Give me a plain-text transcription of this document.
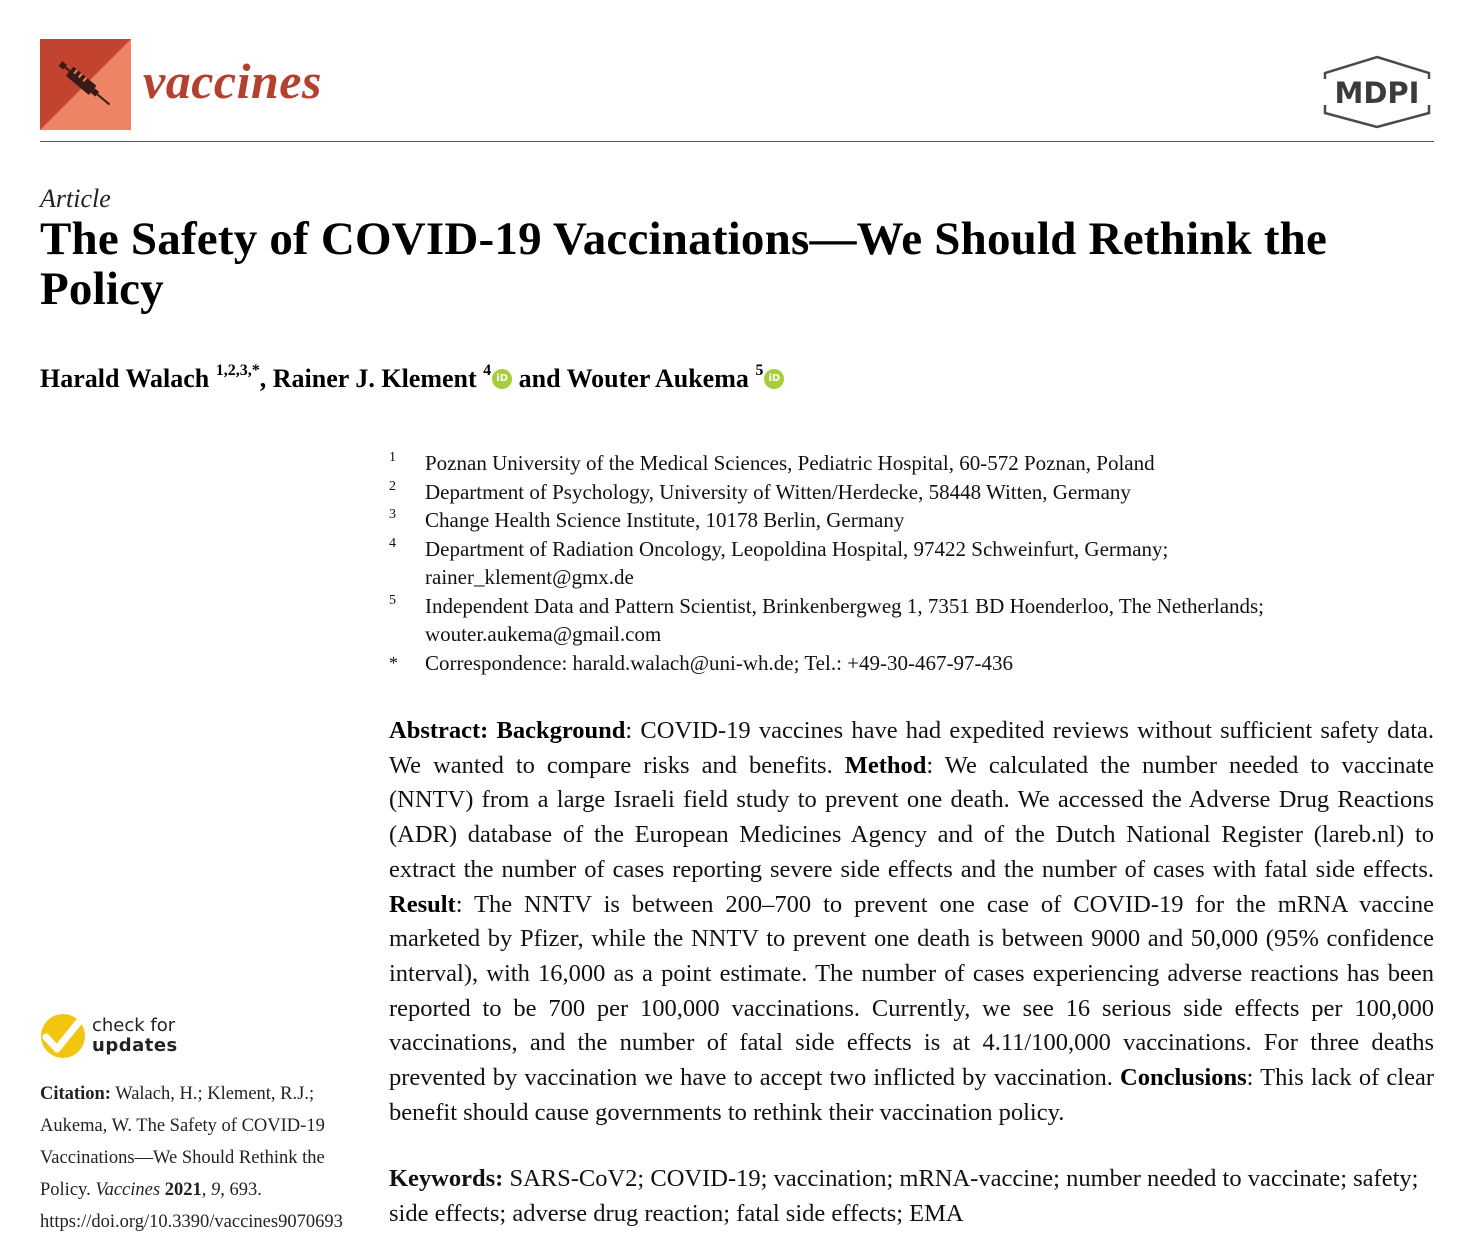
vaccines	MDPI
Article
The Safety of COVID-19 Vaccinations—We Should Rethink the Policy
Harald Walach $^{1,2,3,*}$, Rainer J. Klement $^4$ iD and Wouter Aukema $^5$ iD
1	Poznan University of the Medical Sciences, Pediatric Hospital, 60-572 Poznan, Poland
2	Department of Psychology, University of Witten/Herdecke, 58448 Witten, Germany
3	Change Health Science Institute, 10178 Berlin, Germany
4	Department of Radiation Oncology, Leopoldina Hospital, 97422 Schweinfurt, Germany;
rainer_klement@gmx.de
5	Independent Data and Pattern Scientist, Brinkenbergweg 1, 7351 BD Hoenderloo, The Netherlands;
wouter.aukema@gmail.com
*	Correspondence: harald.walach@uni-wh.de; Tel.: +49-30-467-97-436
Abstract: Background: COVID-19 vaccines have had expedited reviews without sufficient safety data. We wanted to compare risks and benefits. Method: We calculated the number needed to vaccinate (NNTV) from a large Israeli field study to prevent one death. We accessed the Adverse Drug Reactions (ADR) database of the European Medicines Agency and of the Dutch National Register (lareb.nl) to extract the number of cases reporting severe side effects and the number of cases with fatal side effects. Result: The NNTV is between 200–700 to prevent one case of COVID-19 for the mRNA vaccine marketed by Pfizer, while the NNTV to prevent one death is between 9000 and 50,000 (95% confidence interval), with 16,000 as a point estimate. The number of cases experiencing adverse reactions has been reported to be 700 per 100,000 vaccinations. Currently, we see 16 serious side effects per 100,000 vaccinations, and the number of fatal side effects is at 4.11/100,000 vaccinations. For three deaths prevented by vaccination we have to accept two inflicted by vaccination. Conclusions: This lack of clear benefit should cause governments to rethink their vaccination policy.
Keywords: SARS-CoV2; COVID-19; vaccination; mRNA-vaccine; number needed to vaccinate; safety; side effects; adverse drug reaction; fatal side effects; EMA
check for
updates
Citation: Walach, H.; Klement, R.J.; Aukema, W. The Safety of COVID-19 Vaccinations—We Should Rethink the Policy. Vaccines 2021, 9, 693. https://doi.org/10.3390/vaccines9070693
